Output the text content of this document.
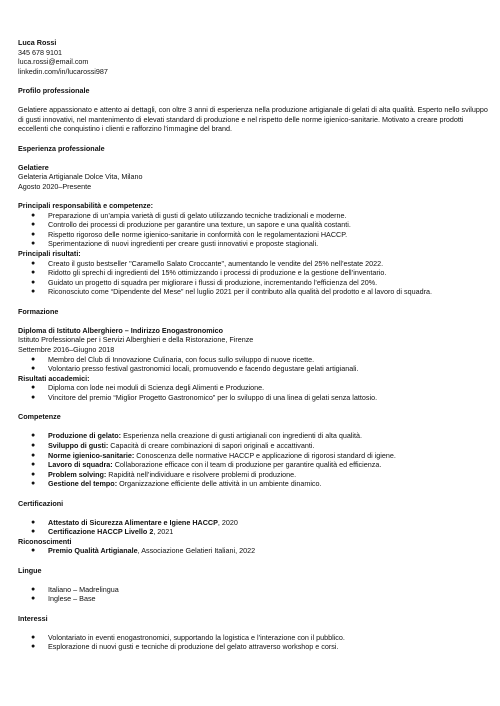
Luca Rossi
345 678 9101
luca.rossi@email.com
linkedin.com/in/lucarossi987
Profilo professionale

Gelatiere appassionato e attento ai dettagli, con oltre 3 anni di esperienza nella produzione artigianale di gelati di alta qualità. Esperto nello sviluppo di gusti innovativi, nel mantenimento di elevati standard di produzione e nel rispetto delle norme igienico-sanitarie. Motivato a creare prodotti eccellenti che conquistino i clienti e rafforzino l’immagine del brand.

Esperienza professionale
Gelatiere
Gelateria Artigianale Dolce Vita, Milano
Agosto 2020–Presente
Principali responsabilità e competenze:
● Preparazione di un’ampia varietà di gusti di gelato utilizzando tecniche tradizionali e moderne.
● Controllo dei processi di produzione per garantire una texture, un sapore e una qualità costanti.
● Rispetto rigoroso delle norme igienico-sanitarie in conformità con le regolamentazioni HACCP.
● Sperimentazione di nuovi ingredienti per creare gusti innovativi e proposte stagionali.
Principali risultati:
● Creato il gusto bestseller "Caramello Salato Croccante", aumentando le vendite del 25% nell’estate 2022.
● Ridotto gli sprechi di ingredienti del 15% ottimizzando i processi di produzione e la gestione dell’inventario.
● Guidato un progetto di squadra per migliorare i flussi di produzione, incrementando l’efficienza del 20%.
● Riconosciuto come “Dipendente del Mese” nel luglio 2021 per il contributo alla qualità del prodotto e al lavoro di squadra.
Formazione
Diploma di Istituto Alberghiero – Indirizzo Enogastronomico
Istituto Professionale per i Servizi Alberghieri e della Ristorazione, Firenze
Settembre 2016–Giugno 2018
● Membro del Club di Innovazione Culinaria, con focus sullo sviluppo di nuove ricette.
● Volontario presso festival gastronomici locali, promuovendo e facendo degustare gelati artigianali.
Risultati accademici:
● Diploma con lode nei moduli di Scienza degli Alimenti e Produzione.
● Vincitore del premio “Miglior Progetto Gastronomico” per lo sviluppo di una linea di gelati senza lattosio.
Competenze
● Produzione di gelato: Esperienza nella creazione di gusti artigianali con ingredienti di alta qualità.
● Sviluppo di gusti: Capacità di creare combinazioni di sapori originali e accattivanti.
● Norme igienico-sanitarie: Conoscenza delle normative HACCP e applicazione di rigorosi standard di igiene.
● Lavoro di squadra: Collaborazione efficace con il team di produzione per garantire qualità ed efficienza.
● Problem solving: Rapidità nell’individuare e risolvere problemi di produzione.
● Gestione del tempo: Organizzazione efficiente delle attività in un ambiente dinamico.
Certificazioni
● Attestato di Sicurezza Alimentare e Igiene HACCP, 2020
● Certificazione HACCP Livello 2, 2021
Riconoscimenti
● Premio Qualità Artigianale, Associazione Gelatieri Italiani, 2022
Lingue
● Italiano – Madrelingua
● Inglese – Base
Interessi
● Volontariato in eventi enogastronomici, supportando la logistica e l’interazione con il pubblico.
● Esplorazione di nuovi gusti e tecniche di produzione del gelato attraverso workshop e corsi.
